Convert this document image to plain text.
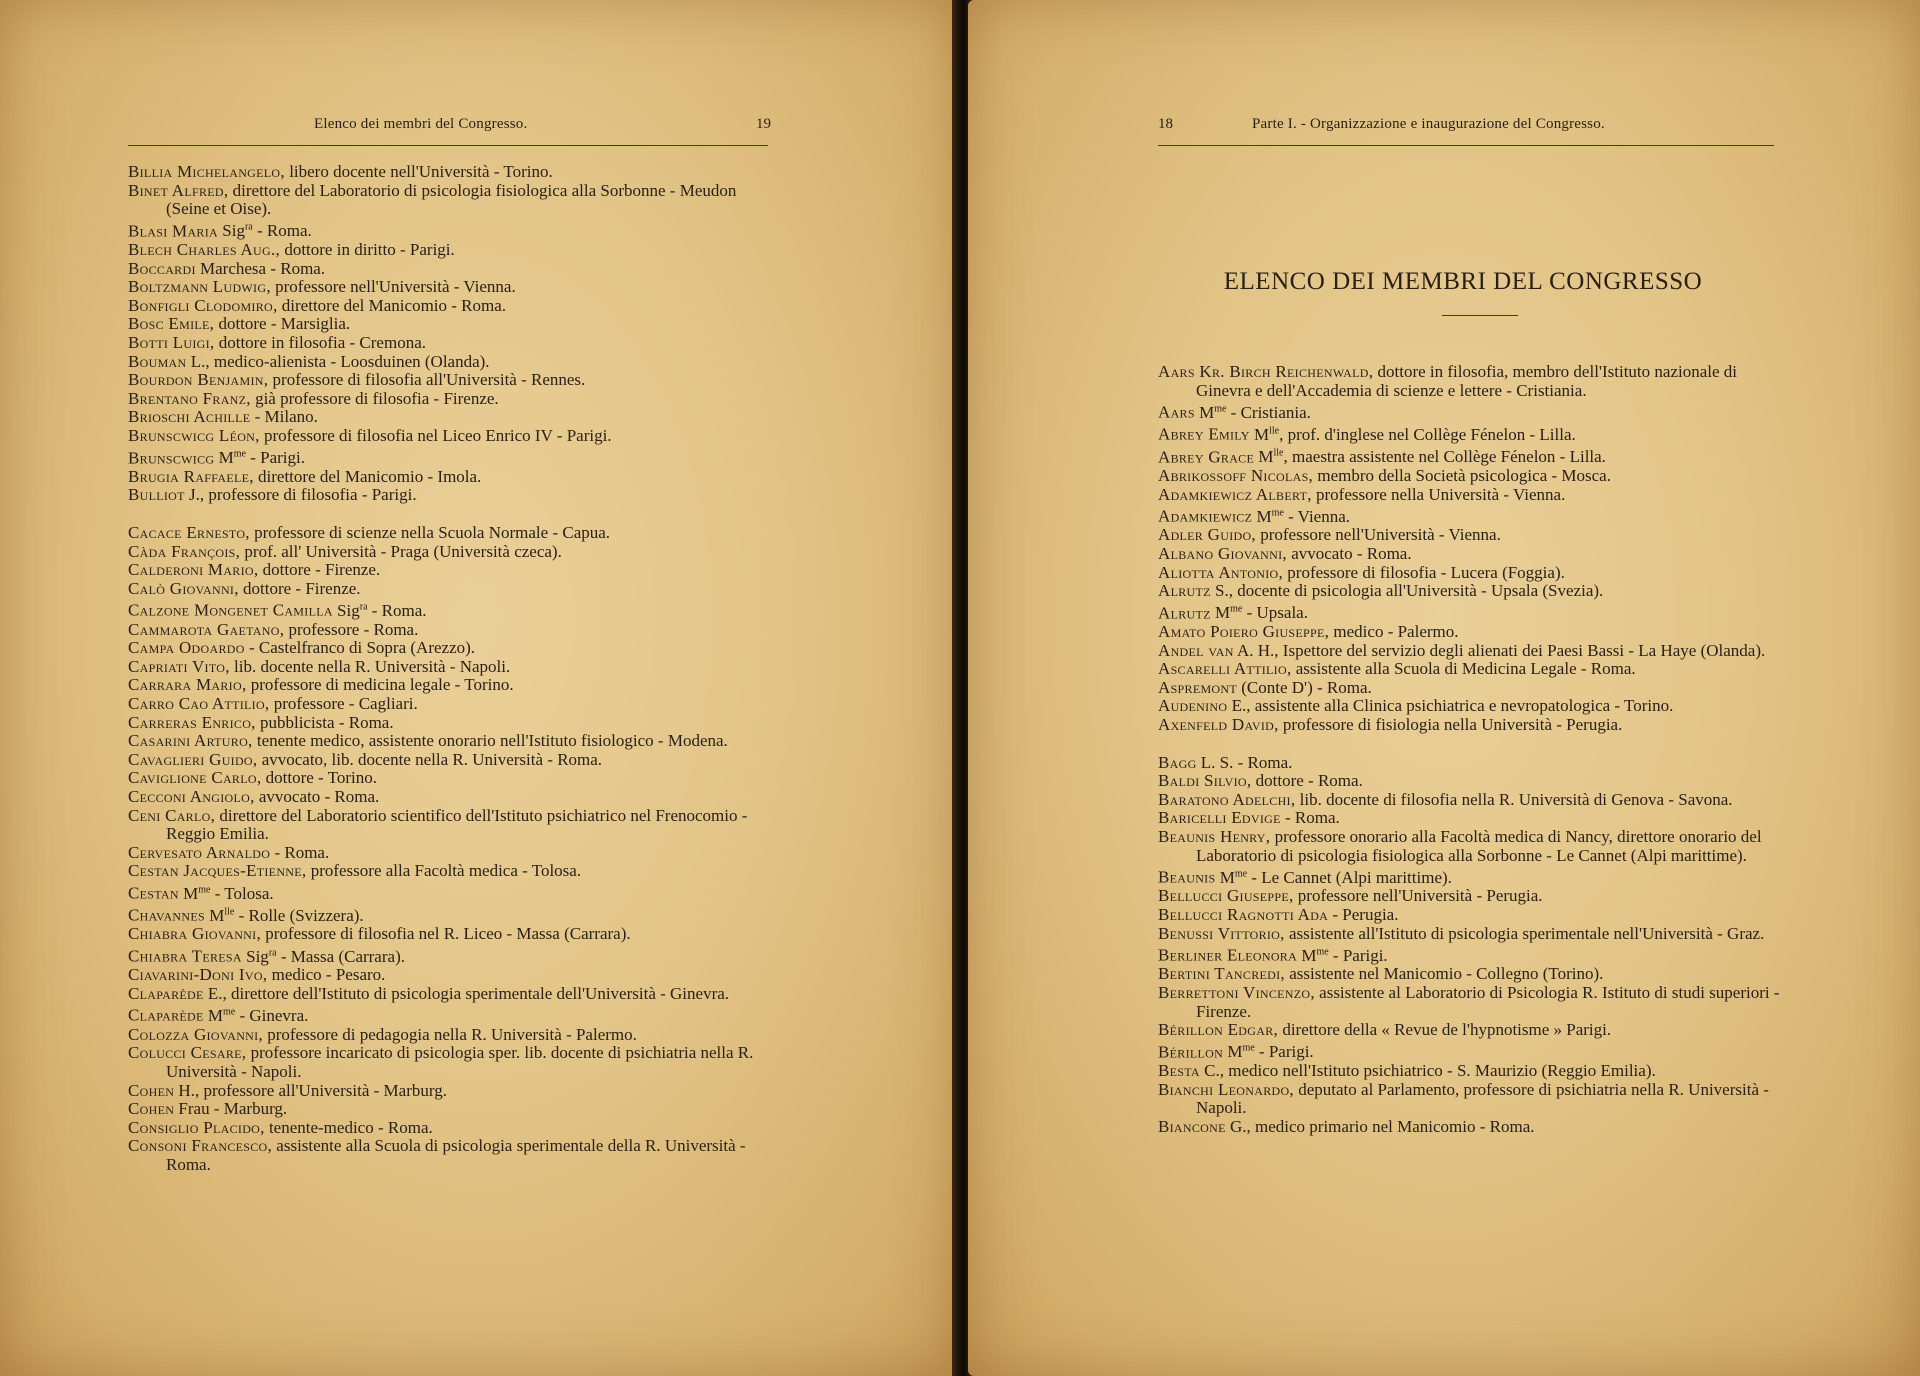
Elenco dei membri del Congresso.	19

Billia Michelangelo, libero docente nell'Università - Torino.

Binet Alfred, direttore del Laboratorio di psicologia fisiologica alla Sorbonne - Meudon (Seine et Oise).

Blasi Maria Sig$^{ra}$ - Roma.

Blech Charles Aug., dottore in diritto - Parigi.

Boccardi Marchesa - Roma.

Boltzmann Ludwig, professore nell'Università - Vienna.

Bonfigli Clodomiro, direttore del Manicomio - Roma.

Bosc Emile, dottore - Marsiglia.

Botti Luigi, dottore in filosofia - Cremona.

Bouman L., medico-alienista - Loosduinen (Olanda).

Bourdon Benjamin, professore di filosofia all'Università - Rennes.

Brentano Franz, già professore di filosofia - Firenze.

Brioschi Achille - Milano.

Brunscwicg Léon, professore di filosofia nel Liceo Enrico IV - Parigi.

Brunscwicg $M^{me}$ - Parigi.

Brugia Raffaele, direttore del Manicomio - Imola.

Bulliot J., professore di filosofia - Parigi.

Cacace Ernesto, professore di scienze nella Scuola Normale - Capua.

Càda François, prof. all' Università - Praga (Università czeca).

Calderoni Mario, dottore - Firenze.

Calò Giovanni, dottore - Firenze.

Calzone Mongenet Camilla Sig$^{ra}$ - Roma.

Cammarota Gaetano, professore - Roma.

Campa Odoardo - Castelfranco di Sopra (Arezzo).

Capriati Vito, lib. docente nella R. Università - Napoli.

Carrara Mario, professore di medicina legale - Torino.

Carro Cao Attilio, professore - Cagliari.

Carreras Enrico, pubblicista - Roma.

Casarini Arturo, tenente medico, assistente onorario nell'Istituto fisiologico - Modena.

Cavaglieri Guido, avvocato, lib. docente nella R. Università - Roma.

Caviglione Carlo, dottore - Torino.

Cecconi Angiolo, avvocato - Roma.

Ceni Carlo, direttore del Laboratorio scientifico dell'Istituto psichiatrico nel Frenocomio - Reggio Emilia.

Cervesato Arnaldo - Roma.

Cestan Jacques-Etienne, professore alla Facoltà medica - Tolosa.

Cestan $M^{me}$ - Tolosa.

Chavannes $M^{lle}$ - Rolle (Svizzera).

Chiabra Giovanni, professore di filosofia nel R. Liceo - Massa (Carrara).

Chiabra Teresa Sig$^{ra}$ - Massa (Carrara).

Ciavarini-Doni Ivo, medico - Pesaro.

Claparède E., direttore dell'Istituto di psicologia sperimentale dell'Università - Ginevra.

Claparède $M^{me}$ - Ginevra.

Colozza Giovanni, professore di pedagogia nella R. Università - Palermo.

Colucci Cesare, professore incaricato di psicologia sper. lib. docente di psichiatria nella R. Università - Napoli.

Cohen H., professore all'Università - Marburg.

Cohen Frau - Marburg.

Consiglio Placido, tenente-medico - Roma.

Consoni Francesco, assistente alla Scuola di psicologia sperimentale della R. Università - Roma.

18	Parte I. - Organizzazione e inaugurazione del Congresso.

Aars Kr. Birch Reichenwald, dottore in filosofia, membro dell'Istituto nazionale di Ginevra e dell'Accademia di scienze e lettere - Cristiania.

Aars $M^{me}$ - Cristiania.

Abrey Emily $M^{lle}$, prof. d'inglese nel Collège Fénelon - Lilla.

Abrey Grace $M^{lle}$, maestra assistente nel Collège Fénelon - Lilla.

Abrikossoff Nicolas, membro della Società psicologica - Mosca.

Adamkiewicz Albert, professore nella Università - Vienna.

Adamkiewicz $M^{me}$ - Vienna.

Adler Guido, professore nell'Università - Vienna.

Albano Giovanni, avvocato - Roma.

Aliotta Antonio, professore di filosofia - Lucera (Foggia).

Alrutz S., docente di psicologia all'Università - Upsala (Svezia).

Alrutz $M^{me}$ - Upsala.

Amato Poiero Giuseppe, medico - Palermo.

Andel van A. H., Ispettore del servizio degli alienati dei Paesi Bassi - La Haye (Olanda).

Ascarelli Attilio, assistente alla Scuola di Medicina Legale - Roma.

Aspremont (Conte D') - Roma.

Audenino E., assistente alla Clinica psichiatrica e nevropatologica - Torino.

Axenfeld David, professore di fisiologia nella Università - Perugia.

Bagg L. S. - Roma.

Baldi Silvio, dottore - Roma.

Baratono Adelchi, lib. docente di filosofia nella R. Università di Genova - Savona.

Baricelli Edvige - Roma.

Beaunis Henry, professore onorario alla Facoltà medica di Nancy, direttore onorario del Laboratorio di psicologia fisiologica alla Sorbonne - Le Cannet (Alpi marittime).

Beaunis $M^{me}$ - Le Cannet (Alpi marittime).

Bellucci Giuseppe, professore nell'Università - Perugia.

Bellucci Ragnotti Ada - Perugia.

Benussi Vittorio, assistente all'Istituto di psicologia sperimentale nell'Università - Graz.

Berliner Eleonora $M^{me}$ - Parigi.

Bertini Tancredi, assistente nel Manicomio - Collegno (Torino).

Berrettoni Vincenzo, assistente al Laboratorio di Psicologia R. Istituto di studi superiori - Firenze.

Bérillon Edgar, direttore della « Revue de l'hypnotisme » Parigi.

Bérillon $M^{me}$ - Parigi.

Besta C., medico nell'Istituto psichiatrico - S. Maurizio (Reggio Emilia).

Bianchi Leonardo, deputato al Parlamento, professore di psichiatria nella R. Università - Napoli.

Biancone G., medico primario nel Manicomio - Roma.

ELENCO DEI MEMBRI DEL CONGRESSO
